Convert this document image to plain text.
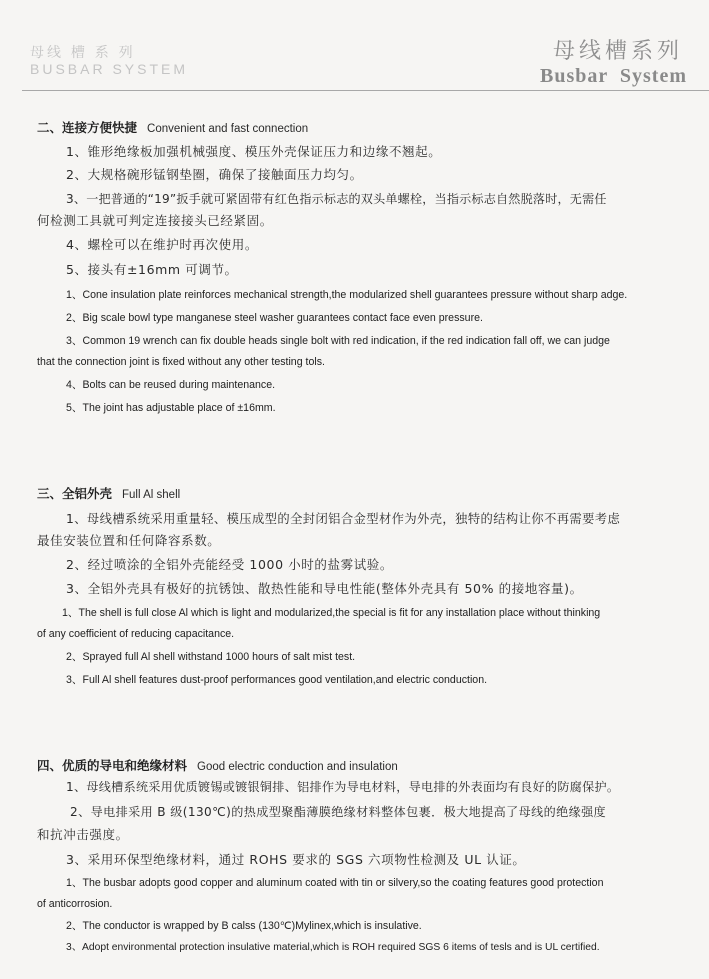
母线 槽 系 列
BUSBAR SYSTEM
母线槽系列
Busbar System
二、连接方便快捷 Convenient and fast connection
1、锥形绝缘板加强机械强度、模压外壳保证压力和边缘不翘起。
2、大规格碗形锰钢垫圈，确保了接触面压力均匀。
3、一把普通的“19”扳手就可紧固带有红色指示标志的双头单螺栓，当指示标志自然脱落时，无需任
何检测工具就可判定连接接头已经紧固。
4、螺栓可以在维护时再次使用。
5、接头有±16mm 可调节。
1、Cone insulation plate reinforces mechanical strength,the modularized shell guarantees pressure without sharp adge.
2、Big scale bowl type manganese steel washer guarantees contact face even pressure.
3、Common 19 wrench can fix double heads single bolt with red indication, if the red indication fall off, we can judge
that the connection joint is fixed without any other testing tols.
4、Bolts can be reused during maintenance.
5、The joint has adjustable place of ±16mm.
三、全铝外壳 Full Al shell
1、母线槽系统采用重量轻、模压成型的全封闭铝合金型材作为外壳，独特的结构让你不再需要考虑
最佳安装位置和任何降容系数。
2、经过喷涂的全铝外壳能经受 1000 小时的盐雾试验。
3、全铝外壳具有极好的抗锈蚀、散热性能和导电性能(整体外壳具有 50% 的接地容量)。
1、The shell is full close Al which is light and modularized,the special is fit for any installation place without thinking
of any coefficient of reducing capacitance.
2、Sprayed full Al shell withstand 1000 hours of salt mist test.
3、Full Al shell features dust-proof performances good ventilation,and electric conduction.
四、优质的导电和绝缘材料 Good electric conduction and insulation
1、母线槽系统采用优质镀锡或镀银铜排、铝排作为导电材料，导电排的外表面均有良好的防腐保护。
2、导电排采用 B 级(130℃)的热成型聚酯薄膜绝缘材料整体包裹．极大地提高了母线的绝缘强度
和抗冲击强度。
3、采用环保型绝缘材料，通过 ROHS 要求的 SGS 六项物性检测及 UL 认证。
1、The busbar adopts good copper and aluminum coated with tin or silvery,so the coating features good protection
of anticorrosion.
2、The conductor is wrapped by B calss (130℃)Mylinex,which is insulative.
3、Adopt environmental protection insulative material,which is ROH required SGS 6 items of tesls and is UL certified.
